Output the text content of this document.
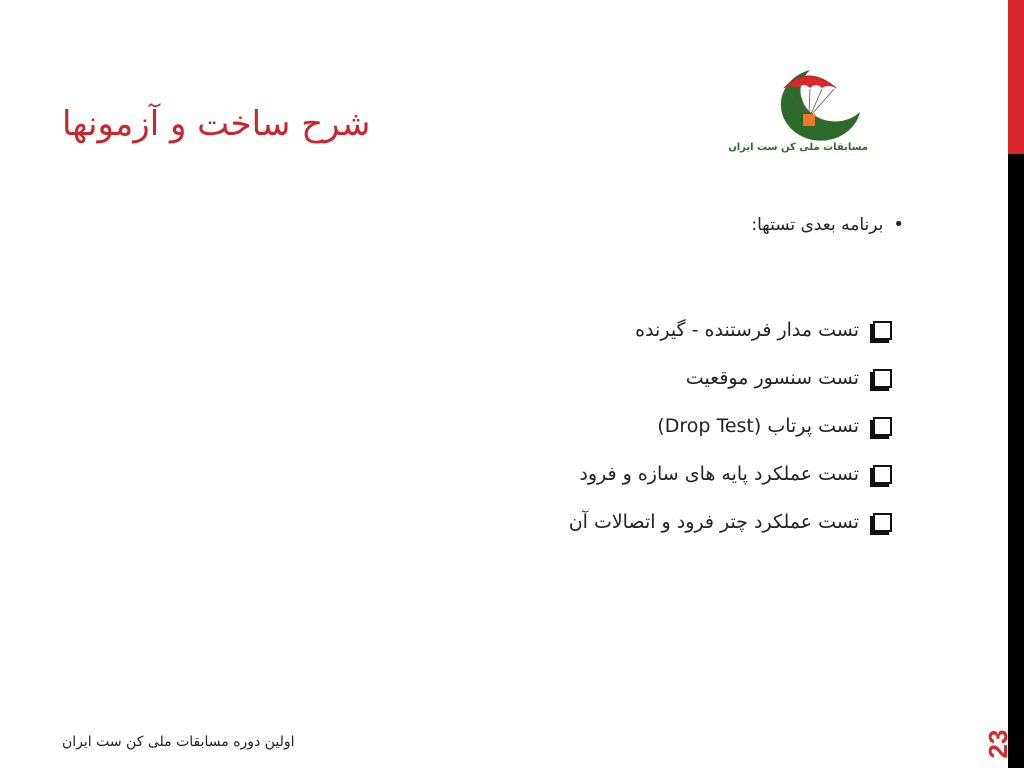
شرح ساخت و آزمونها
مسابقات ملی کن ست ایران
•
برنامه بعدی تستها:
تست مدار فرستنده - گیرنده
تست سنسور موقعیت
تست پرتاب (Drop Test)
تست عملکرد پایه های سازه و فرود
تست عملکرد چتر فرود و اتصالات آن
اولین دوره مسابقات ملی کن ست ایران	23
